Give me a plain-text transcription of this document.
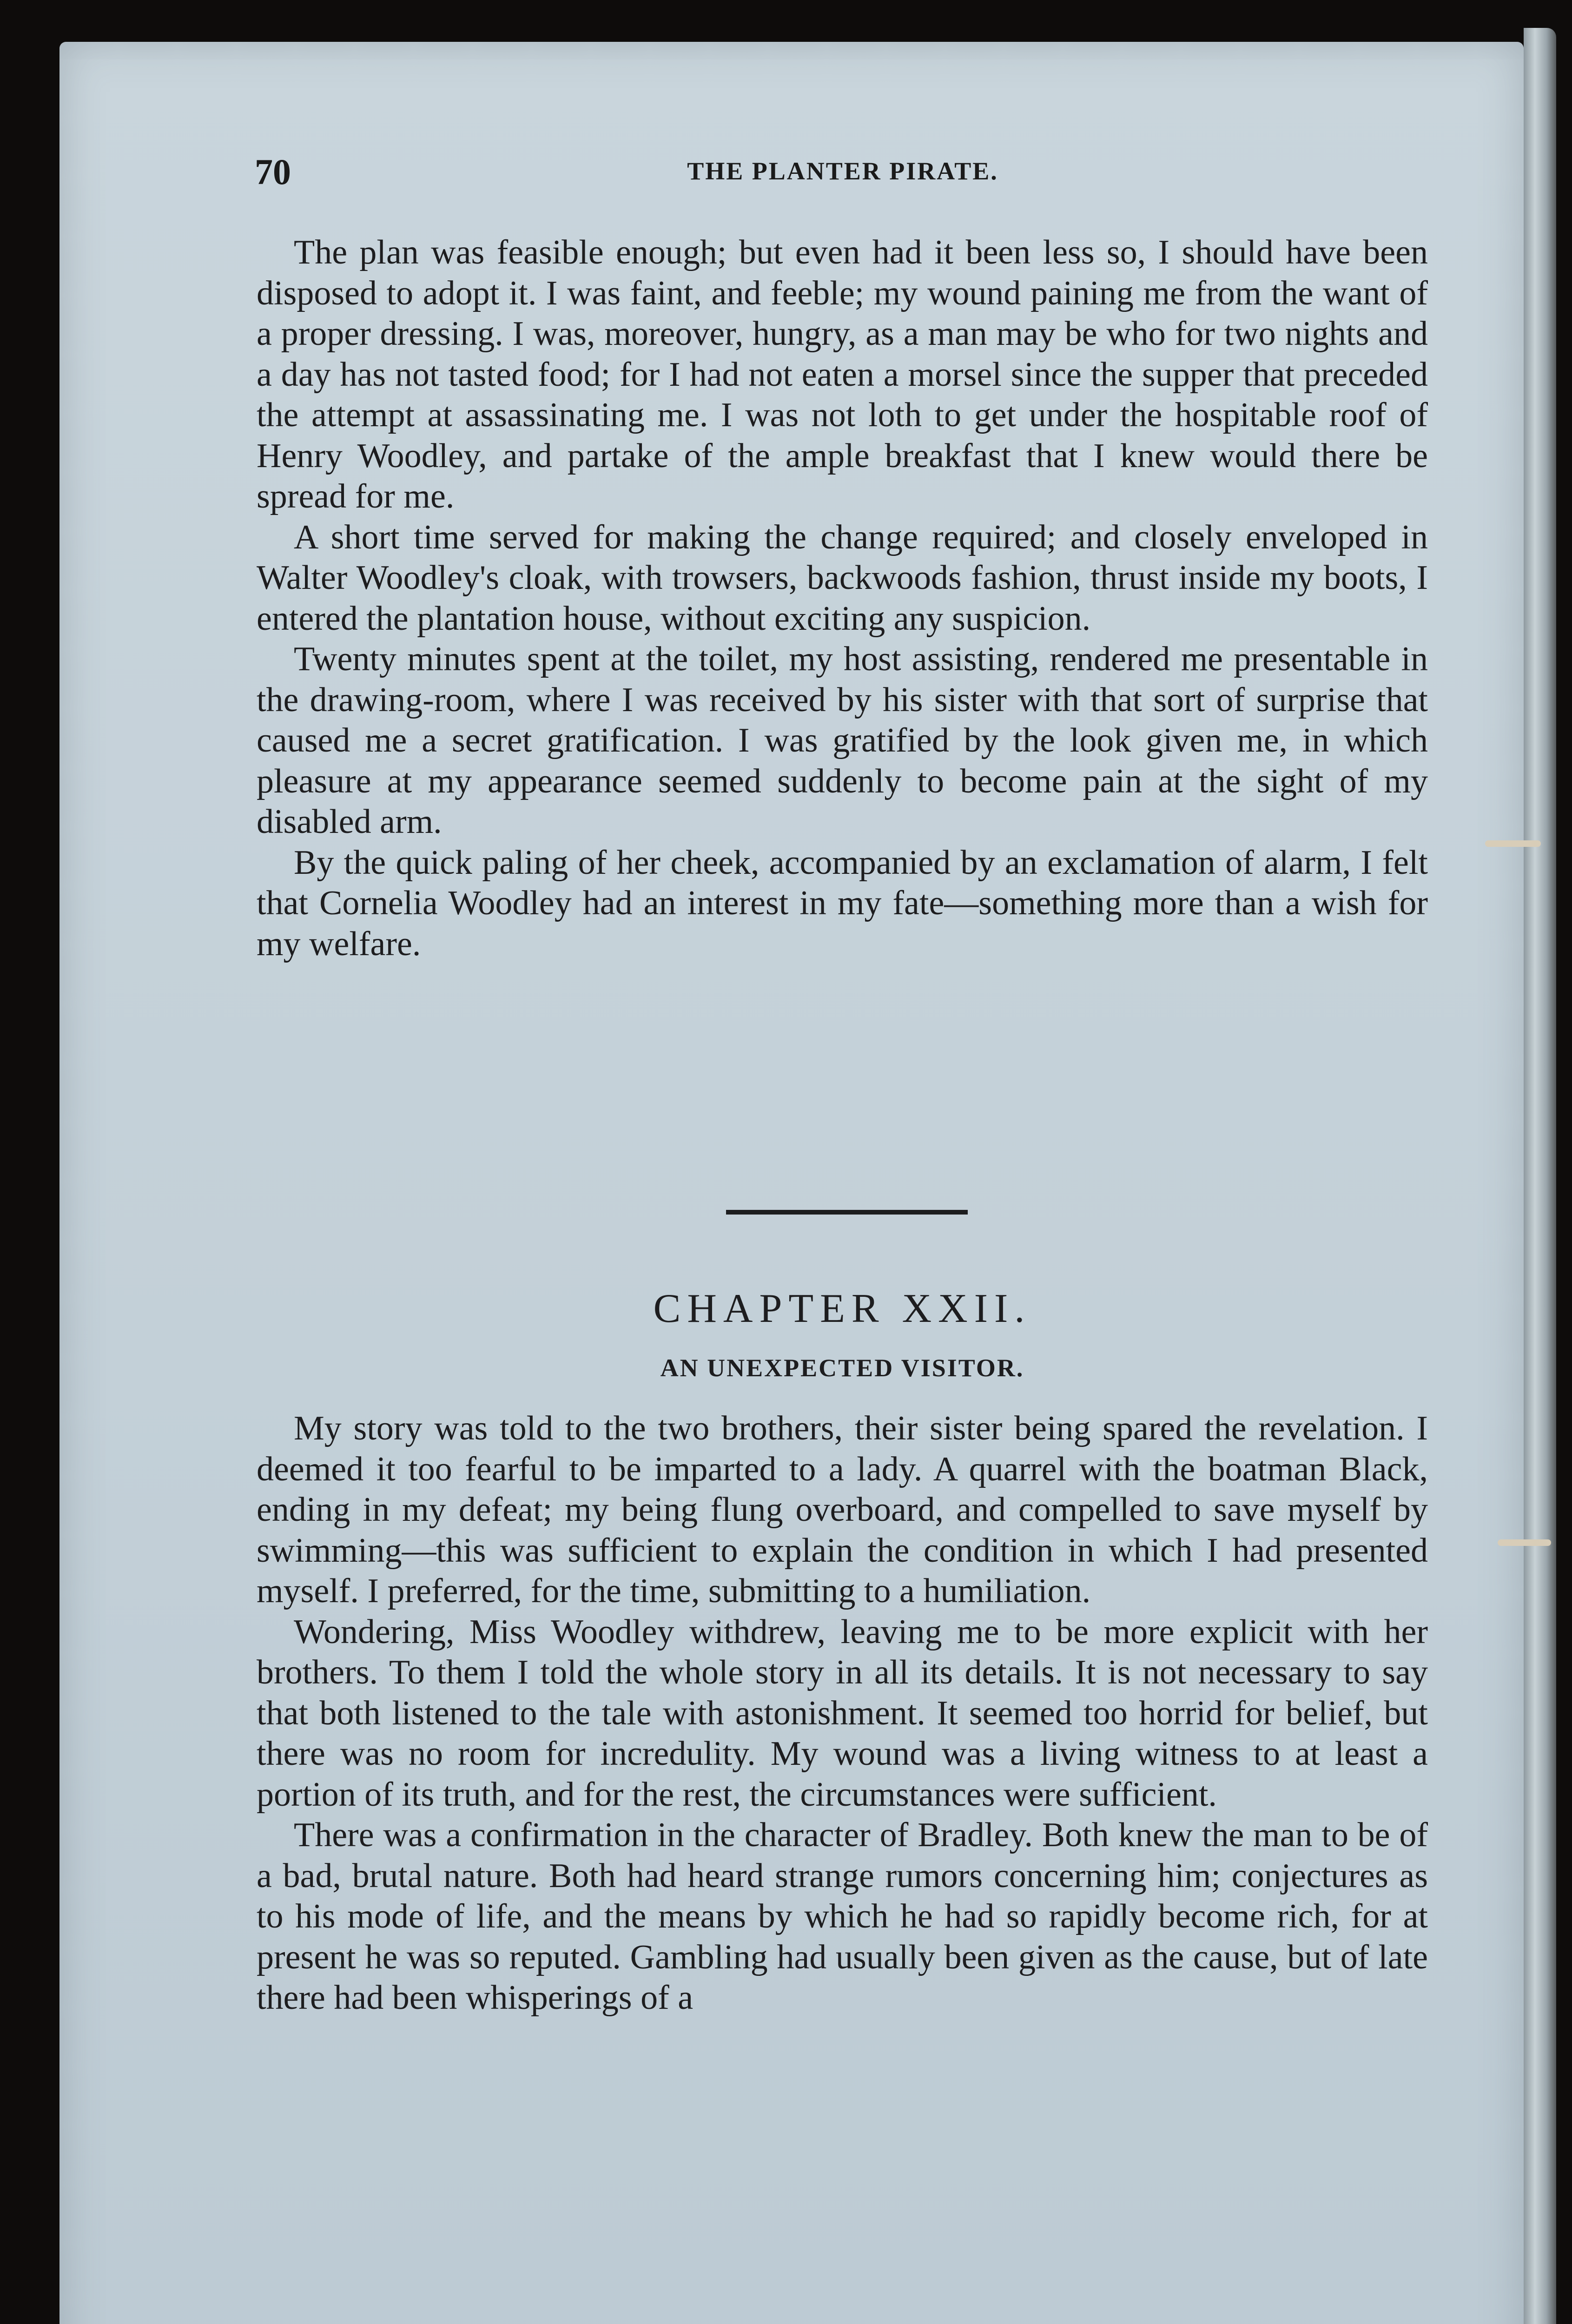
70	THE PLANTER PIRATE.

The plan was feasible enough; but even had it been less so, I should have been disposed to adopt it. I was faint, and feeble; my wound paining me from the want of a proper dressing. I was, moreover, hungry, as a man may be who for two nights and a day has not tasted food; for I had not eaten a morsel since the supper that preceded the attempt at assassinating me. I was not loth to get under the hospitable roof of Henry Woodley, and partake of the ample breakfast that I knew would there be spread for me.

A short time served for making the change required; and closely enveloped in Walter Woodley's cloak, with trowsers, backwoods fashion, thrust inside my boots, I entered the plantation house, without exciting any suspicion.

Twenty minutes spent at the toilet, my host assisting, rendered me presentable in the drawing-room, where I was received by his sister with that sort of surprise that caused me a secret gratification. I was gratified by the look given me, in which pleasure at my appearance seemed suddenly to become pain at the sight of my disabled arm.

By the quick paling of her cheek, accompanied by an exclamation of alarm, I felt that Cornelia Woodley had an interest in my fate—something more than a wish for my welfare.

CHAPTER XXII.
AN UNEXPECTED VISITOR.

My story was told to the two brothers, their sister being spared the revelation. I deemed it too fearful to be imparted to a lady. A quarrel with the boatman Black, ending in my defeat; my being flung overboard, and compelled to save myself by swimming—this was sufficient to explain the condition in which I had presented myself. I preferred, for the time, submitting to a humiliation.

Wondering, Miss Woodley withdrew, leaving me to be more explicit with her brothers. To them I told the whole story in all its details. It is not necessary to say that both listened to the tale with astonishment. It seemed too horrid for belief, but there was no room for incredulity. My wound was a living witness to at least a portion of its truth, and for the rest, the circumstances were sufficient.

There was a confirmation in the character of Bradley. Both knew the man to be of a bad, brutal nature. Both had heard strange rumors concerning him; conjectures as to his mode of life, and the means by which he had so rapidly become rich, for at present he was so reputed. Gambling had usually been given as the cause, but of late there had been whisperings of a
